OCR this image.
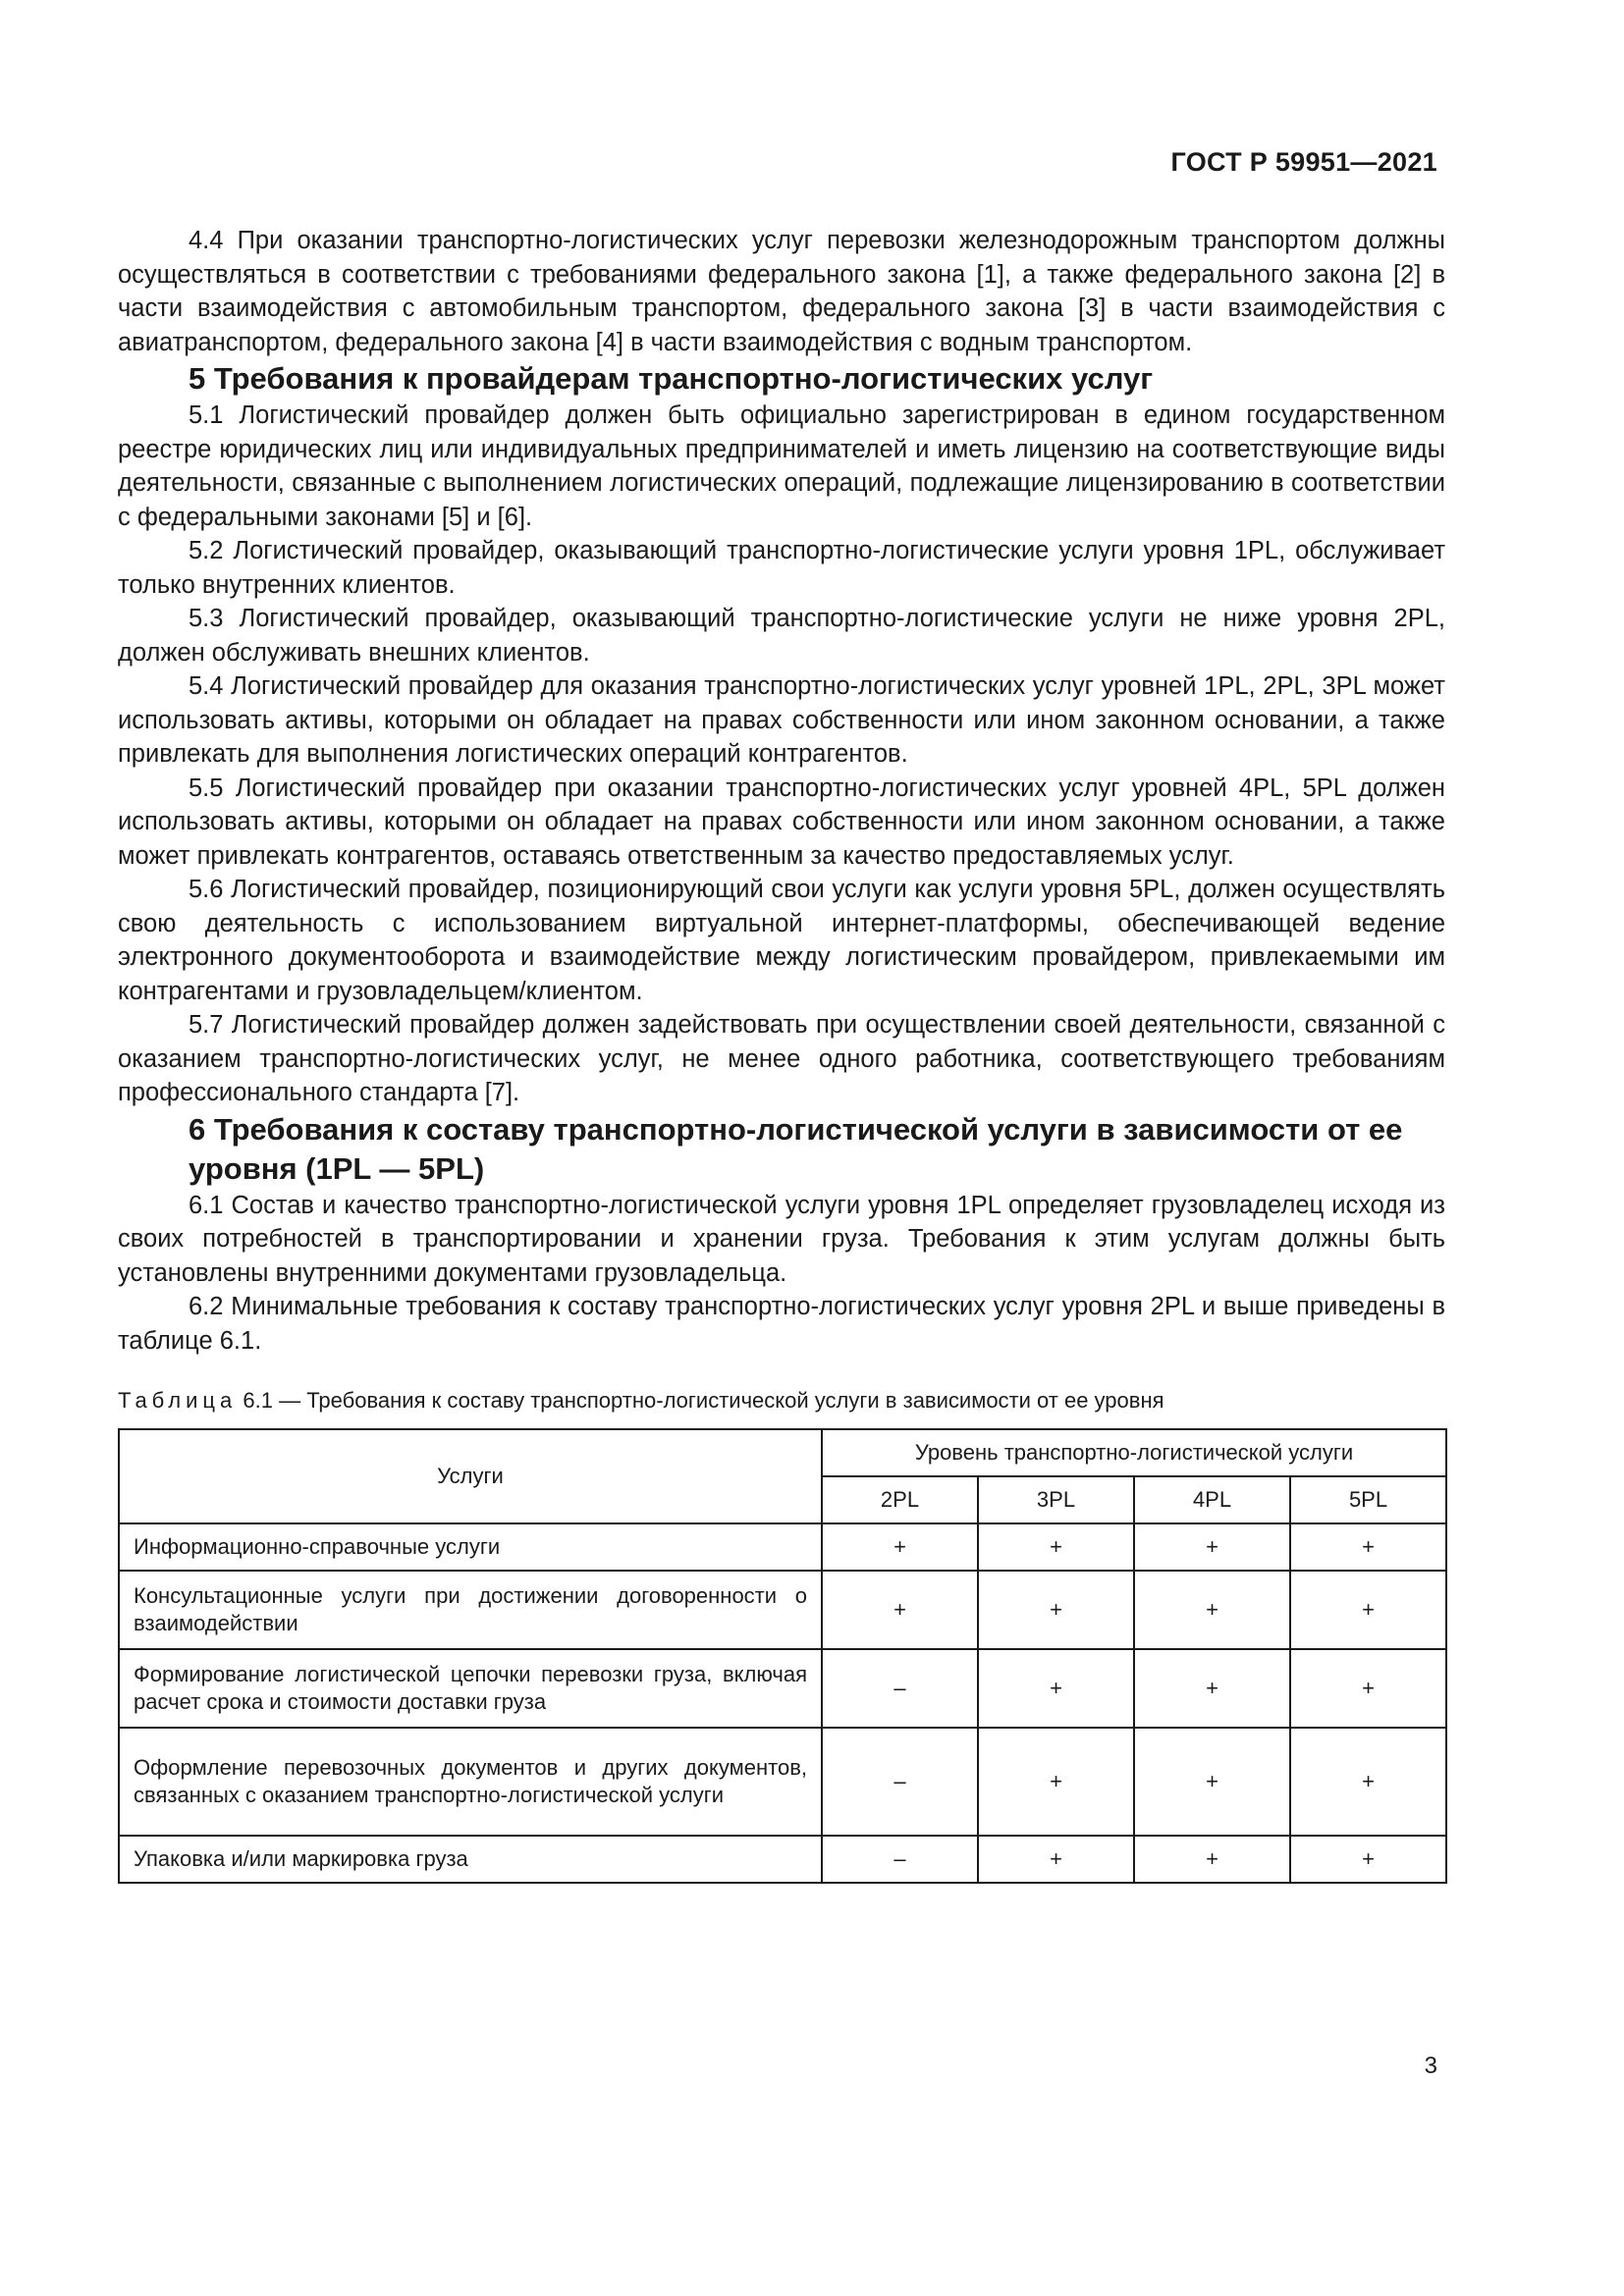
ГОСТ Р 59951—2021

4.4 При оказании транспортно-логистических услуг перевозки железнодорожным транспортом должны осуществляться в соответствии с требованиями федерального закона [1], а также федерального закона [2] в части взаимодействия с автомобильным транспортом, федерального закона [3] в части взаимодействия с авиатранспортом, федерального закона [4] в части взаимодействия с водным транспортом.

5 Требования к провайдерам транспортно-логистических услуг

5.1 Логистический провайдер должен быть официально зарегистрирован в едином государственном реестре юридических лиц или индивидуальных предпринимателей и иметь лицензию на соответствующие виды деятельности, связанные с выполнением логистических операций, подлежащие лицензированию в соответствии с федеральными законами [5] и [6].

5.2 Логистический провайдер, оказывающий транспортно-логистические услуги уровня 1PL, обслуживает только внутренних клиентов.

5.3 Логистический провайдер, оказывающий транспортно-логистические услуги не ниже уровня 2PL, должен обслуживать внешних клиентов.

5.4 Логистический провайдер для оказания транспортно-логистических услуг уровней 1PL, 2PL, 3PL может использовать активы, которыми он обладает на правах собственности или ином законном основании, а также привлекать для выполнения логистических операций контрагентов.

5.5 Логистический провайдер при оказании транспортно-логистических услуг уровней 4PL, 5PL должен использовать активы, которыми он обладает на правах собственности или ином законном основании, а также может привлекать контрагентов, оставаясь ответственным за качество предоставляемых услуг.

5.6 Логистический провайдер, позиционирующий свои услуги как услуги уровня 5PL, должен осуществлять свою деятельность с использованием виртуальной интернет-платформы, обеспечивающей ведение электронного документооборота и взаимодействие между логистическим провайдером, привлекаемыми им контрагентами и грузовладельцем/клиентом.

5.7 Логистический провайдер должен задействовать при осуществлении своей деятельности, связанной с оказанием транспортно-логистических услуг, не менее одного работника, соответствующего требованиям профессионального стандарта [7].

6 Требования к составу транспортно-логистической услуги в зависимости от ее уровня (1PL — 5PL)

6.1 Состав и качество транспортно-логистической услуги уровня 1PL определяет грузовладелец исходя из своих потребностей в транспортировании и хранении груза. Требования к этим услугам должны быть установлены внутренними документами грузовладельца.

6.2 Минимальные требования к составу транспортно-логистических услуг уровня 2PL и выше приведены в таблице 6.1.

Таблица 6.1 — Требования к составу транспортно-логистической услуги в зависимости от ее уровня
Услуги	Уровень транспортно-логистической услуги			
	2PL	3PL	4PL	5PL
Информационно-справочные услуги	+	+	+	+
Консультационные услуги при достижении договоренности о взаимодействии	+	+	+	+
Формирование логистической цепочки перевозки груза, включая расчет срока и стоимости доставки груза	–	+	+	+
Оформление перевозочных документов и других документов, связанных с оказанием транспортно-логистической услуги	–	+	+	+
Упаковка и/или маркировка груза	–	+	+	+
3
